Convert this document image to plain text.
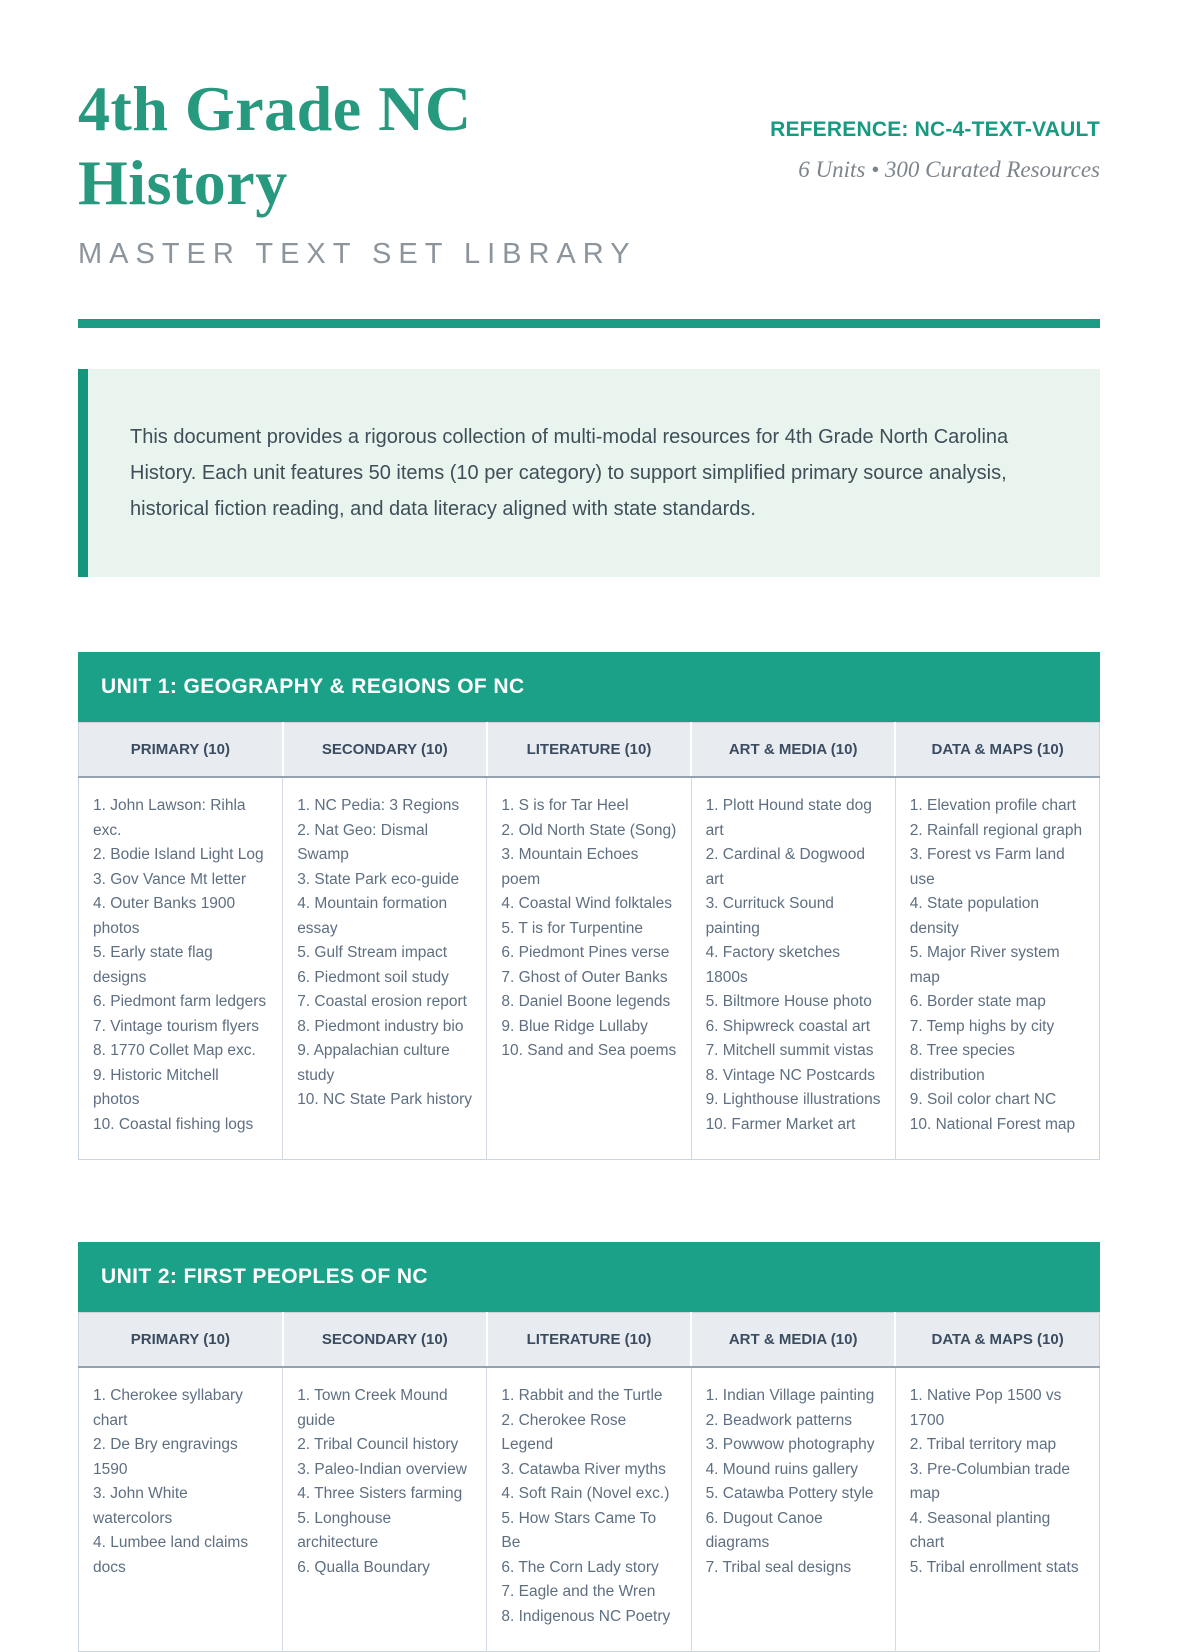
4th Grade NC
History
MASTER TEXT SET LIBRARY
REFERENCE: NC-4-TEXT-VAULT
6 Units • 300 Curated Resources

This document provides a rigorous collection of multi-modal resources for 4th Grade North Carolina History. Each unit features 50 items (10 per category) to support simplified primary source analysis, historical fiction reading, and data literacy aligned with state standards.

UNIT 1: GEOGRAPHY & REGIONS OF NC
PRIMARY (10)	SECONDARY (10)	LITERATURE (10)	ART & MEDIA (10)	DATA & MAPS (10)

1. John Lawson: Rihla exc.
2. Bodie Island Light Log
3. Gov Vance Mt letter
4. Outer Banks 1900 photos
5. Early state flag designs
6. Piedmont farm ledgers
7. Vintage tourism flyers
8. 1770 Collet Map exc.
9. Historic Mitchell photos
10. Coastal fishing logs

1. NC Pedia: 3 Regions
2. Nat Geo: Dismal Swamp
3. State Park eco-guide
4. Mountain formation essay
5. Gulf Stream impact
6. Piedmont soil study
7. Coastal erosion report
8. Piedmont industry bio
9. Appalachian culture study
10. NC State Park history

1. S is for Tar Heel
2. Old North State (Song)
3. Mountain Echoes poem
4. Coastal Wind folktales
5. T is for Turpentine
6. Piedmont Pines verse
7. Ghost of Outer Banks
8. Daniel Boone legends
9. Blue Ridge Lullaby
10. Sand and Sea poems

1. Plott Hound state dog art
2. Cardinal & Dogwood art
3. Currituck Sound painting
4. Factory sketches 1800s
5. Biltmore House photo
6. Shipwreck coastal art
7. Mitchell summit vistas
8. Vintage NC Postcards
9. Lighthouse illustrations
10. Farmer Market art

1. Elevation profile chart
2. Rainfall regional graph
3. Forest vs Farm land use
4. State population density
5. Major River system map
6. Border state map
7. Temp highs by city
8. Tree species distribution
9. Soil color chart NC
10. National Forest map
UNIT 2: FIRST PEOPLES OF NC
PRIMARY (10)	SECONDARY (10)	LITERATURE (10)	ART & MEDIA (10)	DATA & MAPS (10)

1. Cherokee syllabary chart
2. De Bry engravings 1590
3. John White watercolors
4. Lumbee land claims docs

1. Town Creek Mound guide
2. Tribal Council history
3. Paleo-Indian overview
4. Three Sisters farming
5. Longhouse architecture
6. Qualla Boundary

1. Rabbit and the Turtle
2. Cherokee Rose Legend
3. Catawba River myths
4. Soft Rain (Novel exc.)
5. How Stars Came To Be
6. The Corn Lady story
7. Eagle and the Wren
8. Indigenous NC Poetry

1. Indian Village painting
2. Beadwork patterns
3. Powwow photography
4. Mound ruins gallery
5. Catawba Pottery style
6. Dugout Canoe diagrams
7. Tribal seal designs

1. Native Pop 1500 vs 1700
2. Tribal territory map
3. Pre-Columbian trade map
4. Seasonal planting chart
5. Tribal enrollment stats
